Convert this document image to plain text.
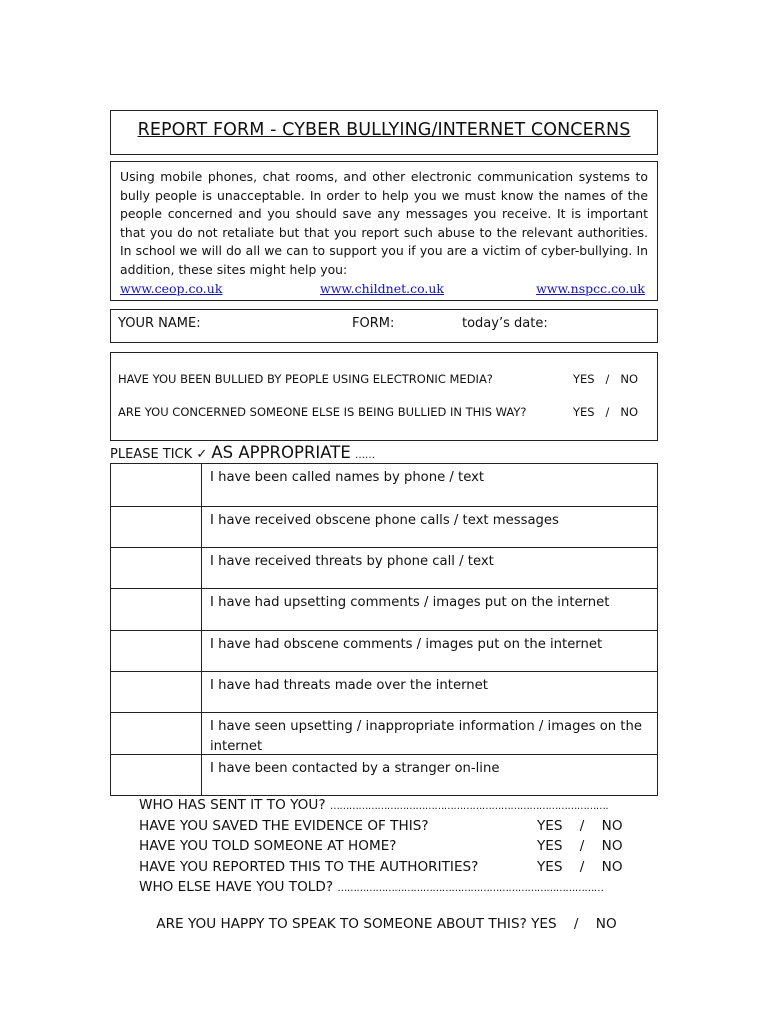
REPORT FORM - CYBER BULLYING/INTERNET CONCERNS
Using mobile phones, chat rooms, and other electronic communication systems to bully people is unacceptable. In order to help you we must know the names of the people concerned and you should save any messages you receive. It is important that you do not retaliate but that you report such abuse to the relevant authorities. In school we will do all we can to support you if you are a victim of cyber-bullying. In addition, these sites might help you:
www.ceop.co.uk	www.childnet.co.uk	www.nspcc.co.uk
YOUR NAME:	FORM:	today’s date:
HAVE YOU BEEN BULLIED BY PEOPLE USING ELECTRONIC MEDIA?	YES   /   NO
ARE YOU CONCERNED SOMEONE ELSE IS BEING BULLIED IN THIS WAY?	YES   /   NO
PLEASE TICK ✓ AS APPROPRIATE ……
I have been called names by phone / text
I have received obscene phone calls / text messages
I have received threats by phone call / text
I have had upsetting comments / images put on the internet
I have had obscene comments / images put on the internet
I have had threats made over the internet
I have seen upsetting / inappropriate information / images on the internet
I have been contacted by a stranger on-line
WHO HAS SENT IT TO YOU? …………………………………………………………………………….
HAVE YOU SAVED THE EVIDENCE OF THIS?	YES    /    NO
HAVE YOU TOLD SOMEONE AT HOME?	YES    /    NO
HAVE YOU REPORTED THIS TO THE AUTHORITIES?	YES    /    NO
WHO ELSE HAVE YOU TOLD? …………………………………………………………………………

ARE YOU HAPPY TO SPEAK TO SOMEONE ABOUT THIS? YES    /    NO
